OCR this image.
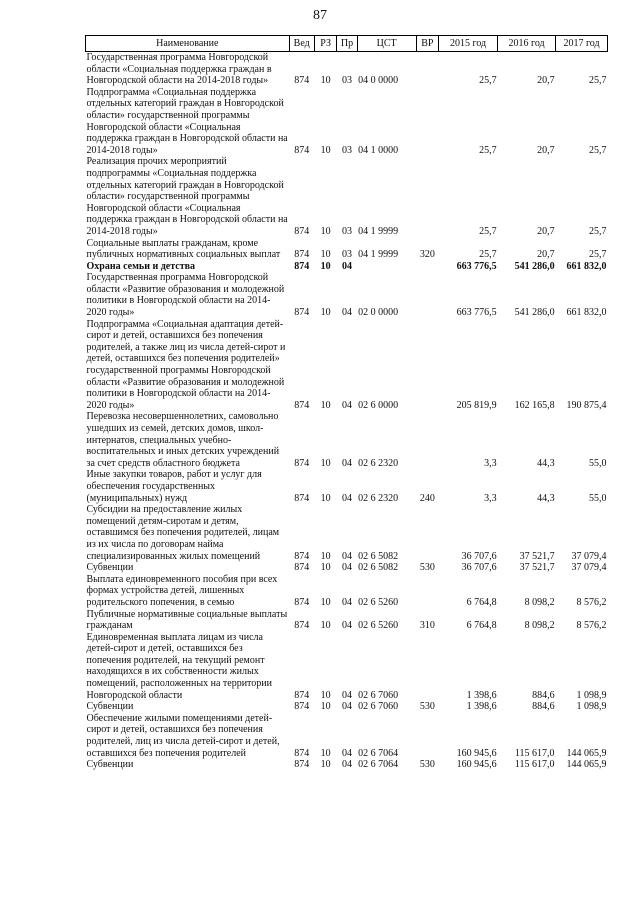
87
Наименование	Вед	РЗ	Пр	ЦСТ	ВР	2015 год	2016 год	2017 год
Государственная программа Новгородской области «Социальная поддержка граждан в Новгородской области на 2014-2018 годы»	874	10	03	04 0 0000		25,7	20,7	25,7
Подпрограмма «Социальная поддержка отдельных категорий граждан в Новгородской области» государственной программы Новгородской области «Социальная поддержка граждан в Новгородской области на 2014-2018 годы»	874	10	03	04 1 0000		25,7	20,7	25,7
Реализация прочих мероприятий подпрограммы «Социальная поддержка отдельных категорий граждан в Новгородской области» государственной программы Новгородской области «Социальная поддержка граждан в Новгородской области на 2014-2018 годы»	874	10	03	04 1 9999		25,7	20,7	25,7
Социальные выплаты гражданам, кроме публичных нормативных социальных выплат	874	10	03	04 1 9999	320	25,7	20,7	25,7
Охрана семьи и детства	874	10	04			663 776,5	541 286,0	661 832,0
Государственная программа Новгородской области «Развитие образования и молодежной политики в Новгородской области на 2014-2020 годы»	874	10	04	02 0 0000		663 776,5	541 286,0	661 832,0
Подпрограмма «Социальная адаптация детей-сирот и детей, оставшихся без попечения родителей, а также лиц из числа детей-сирот и детей, оставшихся без попечения родителей» государственной программы Новгородской области «Развитие образования и молодежной политики в Новгородской области на 2014-2020 годы»	874	10	04	02 6 0000		205 819,9	162 165,8	190 875,4
Перевозка несовершеннолетних, самовольно ушедших из семей, детских домов, школ-интернатов, специальных учебно-воспитательных и иных детских учреждений за счет средств областного бюджета	874	10	04	02 6 2320		3,3	44,3	55,0
Иные закупки товаров, работ и услуг для обеспечения государственных (муниципальных) нужд	874	10	04	02 6 2320	240	3,3	44,3	55,0
Субсидии на предоставление жилых помещений детям-сиротам и детям, оставшимся без попечения родителей, лицам из их числа по договорам найма специализированных жилых помещений	874	10	04	02 6 5082		36 707,6	37 521,7	37 079,4
Субвенции	874	10	04	02 6 5082	530	36 707,6	37 521,7	37 079,4
Выплата единовременного пособия при всех формах устройства детей, лишенных родительского попечения, в семью	874	10	04	02 6 5260		6 764,8	8 098,2	8 576,2
Публичные нормативные социальные выплаты гражданам	874	10	04	02 6 5260	310	6 764,8	8 098,2	8 576,2
Единовременная выплата лицам из числа детей-сирот и детей, оставшихся без попечения родителей, на текущий ремонт находящихся в их собственности жилых помещений, расположенных на территории Новгородской области	874	10	04	02 6 7060		1 398,6	884,6	1 098,9
Субвенции	874	10	04	02 6 7060	530	1 398,6	884,6	1 098,9
Обеспечение жилыми помещениями детей-сирот и детей, оставшихся без попечения родителей, лиц из числа детей-сирот и детей, оставшихся без попечения родителей	874	10	04	02 6 7064		160 945,6	115 617,0	144 065,9
Субвенции	874	10	04	02 6 7064	530	160 945,6	115 617,0	144 065,9
